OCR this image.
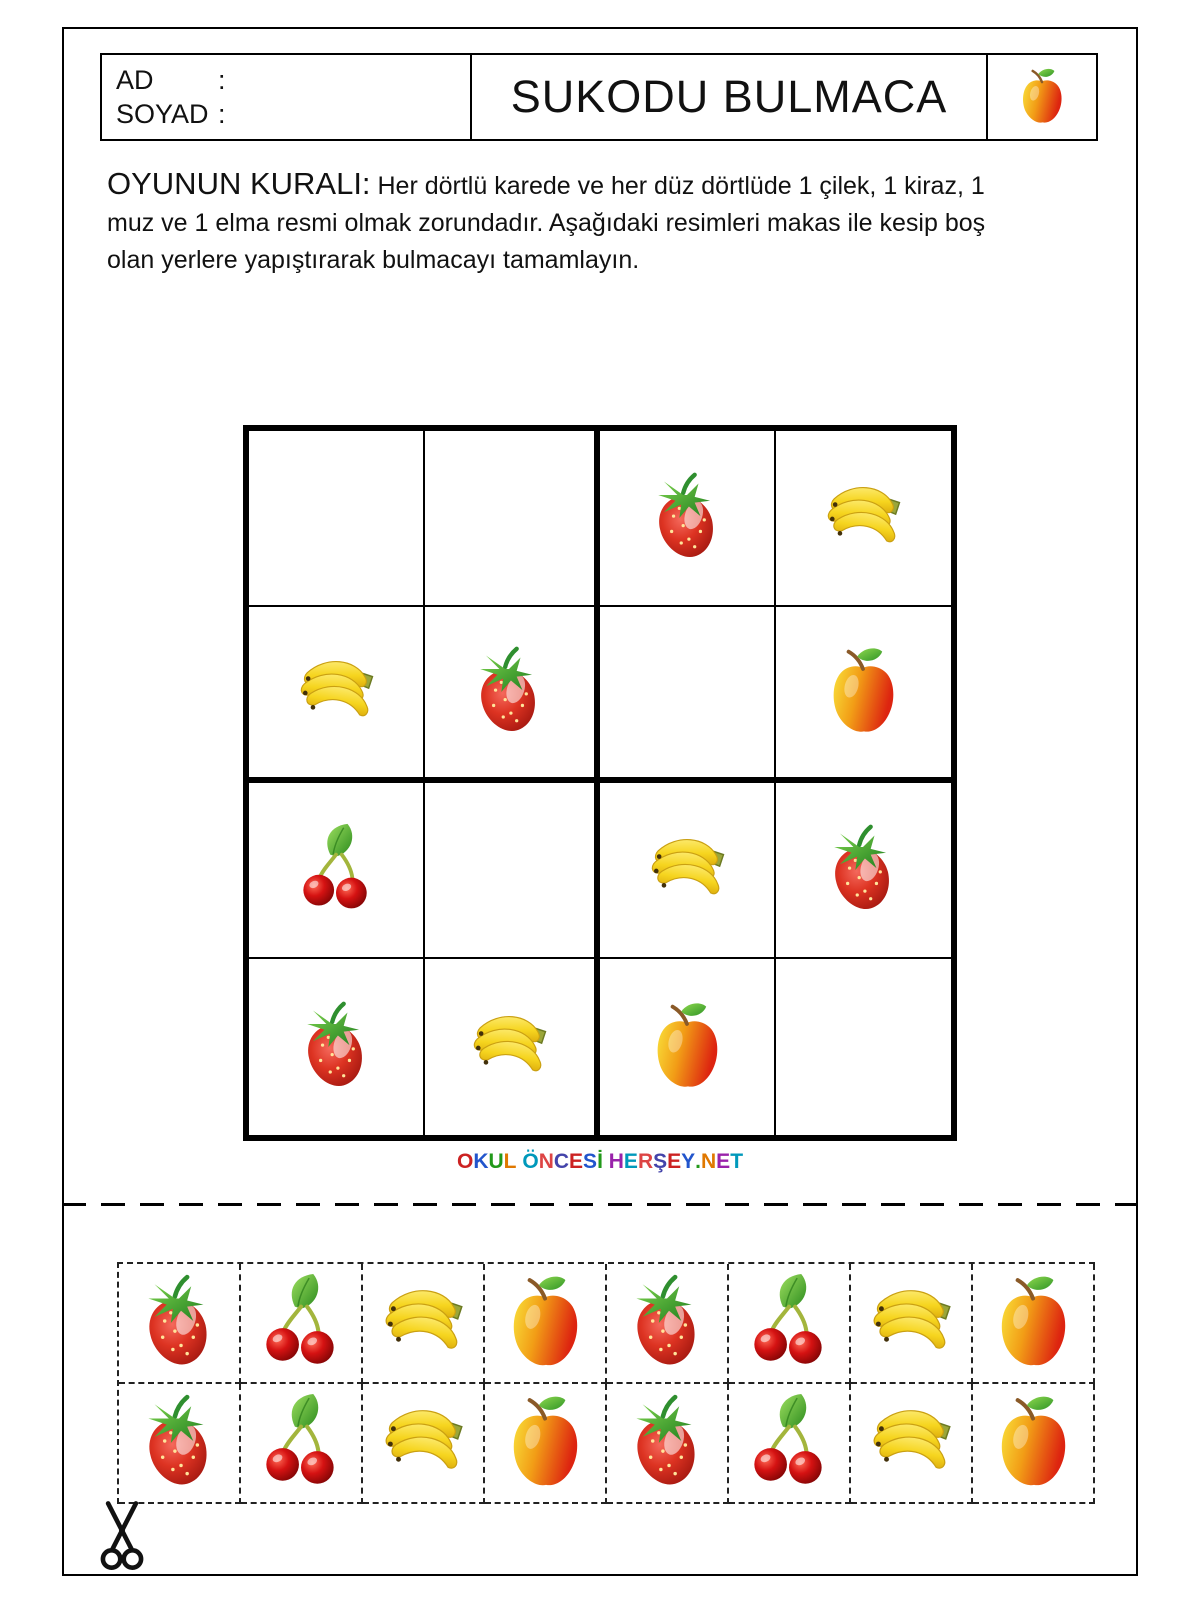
AD	:
SOYAD :	SUKODU BULMACA
OYUNUN KURALI: Her dörtlü karede ve her düz dörtlüde 1 çilek, 1 kiraz, 1 muz ve 1 elma resmi olmak zorundadır. Aşağıdaki resimleri makas ile kesip boş olan yerlere yapıştırarak bulmacayı tamamlayın.
OKUL ÖNCESİ HERŞEY.NET
